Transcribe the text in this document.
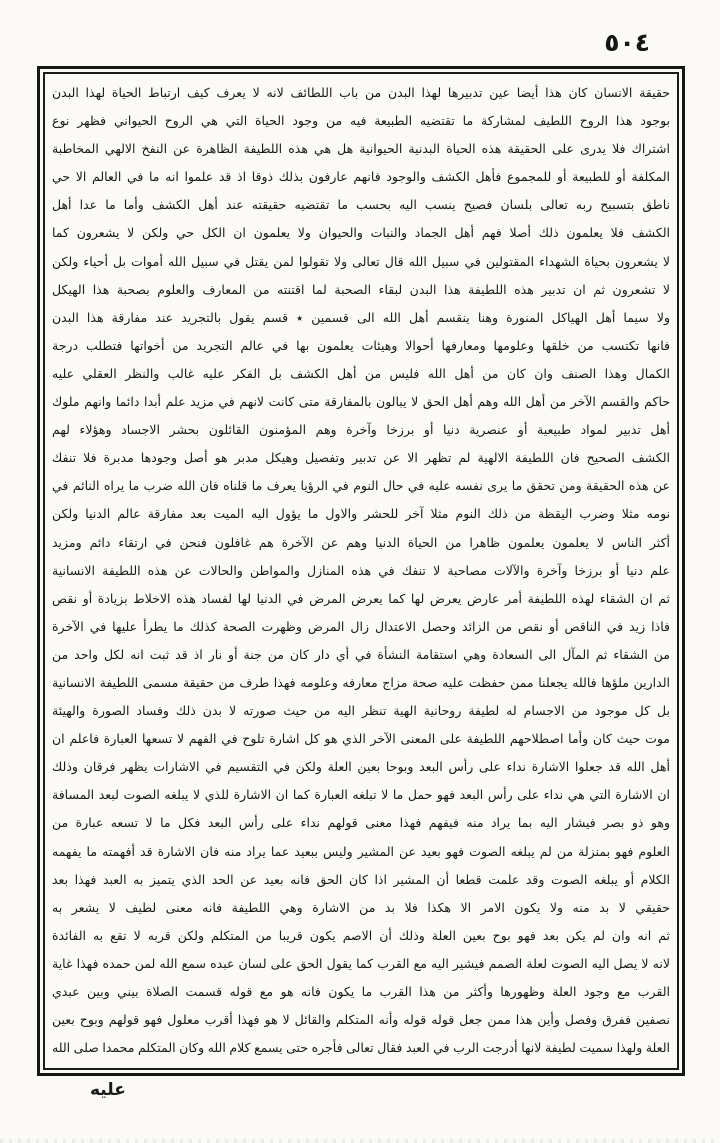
٥٠٤
حقيقة الانسان كان هذا أيضا عين تدبيرها لهذا البدن من باب اللطائف لانه لا يعرف كيف ارتباط الحياة لهذا البدن
بوجود هذا الروح اللطيف لمشاركة ما تقتضيه الطبيعة فيه من وجود الحياة التي هي الروح الحيواني فظهر نوع
اشتراك فلا يدرى على الحقيقة هذه الحياة البدنية الحيوانية هل هي هذه اللطيفة الظاهرة عن النفخ الالهي المخاطبة
المكلفة أو للطبيعة أو للمجموع فأهل الكشف والوجود فانهم عارفون بذلك ذوقا اذ قد علموا انه ما في العالم الا حي
ناطق بتسبيح ربه تعالى بلسان فصيح ينسب اليه بحسب ما تقتضيه حقيقته عند أهل الكشف وأما ما عدا أهل
الكشف فلا يعلمون ذلك أصلا فهم أهل الجماد والنبات والحيوان ولا يعلمون ان الكل حي ولكن لا يشعرون كما
لا يشعرون بحياة الشهداء المقتولين في سبيل الله قال تعالى ولا تقولوا لمن يقتل في سبيل الله أموات بل أحياء ولكن
لا تشعرون ثم ان تدبير هذه اللطيفة هذا البدن لبقاء الصحبة لما اقتنته من المعارف والعلوم بصحبة هذا الهيكل
ولا سيما أهل الهياكل المنورة وهنا ينقسم أهل الله الى قسمين ٭ قسم يقول بالتجريد عند مفارقة هذا البدن
فانها تكتسب من خلقها وعلومها ومعارفها أحوالا وهيئات يعلمون بها في عالم التجريد من أخواتها فتطلب درجة
الكمال وهذا الصنف وان كان من أهل الله فليس من أهل الكشف بل الفكر عليه غالب والنظر العقلي عليه
حاكم والقسم الآخر من أهل الله وهم أهل الحق لا يبالون بالمفارقة متى كانت لانهم في مزيد علم أبدا دائما وانهم ملوك
أهل تدبير لمواد طبيعية أو عنصرية دنيا أو برزخا وآخرة وهم المؤمنون القائلون بحشر الاجساد وهؤلاء لهم
الكشف الصحيح فان اللطيفة الالهية لم تظهر الا عن تدبير وتفصيل وهيكل مدبر هو أصل وجودها مدبرة فلا تنفك
عن هذه الحقيقة ومن تحقق ما يرى نفسه عليه في حال النوم في الرؤيا يعرف ما قلناه فان الله ضرب ما يراه النائم في
نومه مثلا وضرب اليقظة من ذلك النوم مثلا آخر للحشر والاول ما يؤول اليه الميت بعد مفارقة عالم الدنيا ولكن
أكثر الناس لا يعلمون يعلمون ظاهرا من الحياة الدنيا وهم عن الآخرة هم غافلون فنحن في ارتقاء دائم ومزيد
علم دنيا أو برزخا وآخرة والآلات مصاحبة لا تنفك في هذه المنازل والمواطن والحالات عن هذه اللطيفة الانسانية
ثم ان الشقاء لهذه اللطيفة أمر عارض يعرض لها كما يعرض المرض في الدنيا لها لفساد هذه الاخلاط بزيادة أو نقص
فاذا زيد في الناقص أو نقص من الزائد وحصل الاعتدال زال المرض وظهرت الصحة كذلك ما يطرأ عليها في الآخرة
من الشقاء ثم المآل الى السعادة وهي استقامة النشأة في أي دار كان من جنة أو نار اذ قد ثبت انه لكل واحد من
الدارين ملؤها فالله يجعلنا ممن حفظت عليه صحة مزاج معارفه وعلومه فهذا طرف من حقيقة مسمى اللطيفة الانسانية
بل كل موجود من الاجسام له لطيفة روحانية الهية تنظر اليه من حيث صورته لا بدن ذلك وفساد الصورة والهيئة
موت حيث كان وأما اصطلاحهم اللطيفة على المعنى الآخر الذي هو كل اشارة تلوح في الفهم لا تسعها العبارة فاعلم ان
أهل الله قد جعلوا الاشارة نداء على رأس البعد وبوحا بعين العلة ولكن في التقسيم في الاشارات يظهر فرقان وذلك
ان الاشارة التي هي نداء على رأس البعد فهو حمل ما لا تبلغه العبارة كما ان الاشارة للذي لا يبلغه الصوت لبعد المسافة
وهو ذو بصر فيشار اليه بما يراد منه فيفهم فهذا معنى قولهم نداء على رأس البعد فكل ما لا تسعه عبارة من
العلوم فهو بمنزلة من لم يبلغه الصوت فهو بعيد عن المشير وليس ببعيد عما يراد منه فان الاشارة قد أفهمته ما يفهمه
الكلام أو يبلغه الصوت وقد علمت قطعا أن المشير اذا كان الحق فانه بعيد عن الحد الذي يتميز به العبد فهذا بعد
حقيقي لا بد منه ولا يكون الامر الا هكذا فلا بد من الاشارة وهي اللطيفة فانه معنى لطيف لا يشعر به
ثم انه وان لم يكن بعد فهو بوح بعين العلة وذلك أن الاصم يكون قريبا من المتكلم ولكن قربه لا تقع به الفائدة
لانه لا يصل اليه الصوت لعلة الصمم فيشير اليه مع القرب كما يقول الحق على لسان عبده سمع الله لمن حمده فهذا غاية
القرب مع وجود العلة وظهورها وأكثر من هذا القرب ما يكون فانه هو مع قوله قسمت الصلاة بيني وبين عبدي
نصفين ففرق وفصل وأين هذا ممن جعل قوله قوله وأنه المتكلم والقائل لا هو فهذا أقرب معلول فهو قولهم وبوح بعين
العلة ولهذا سميت لطيفة لانها أدرجت الرب في العبد فقال تعالى فأجره حتى يسمع كلام الله وكان المتكلم محمدا صلى الله
عليه
